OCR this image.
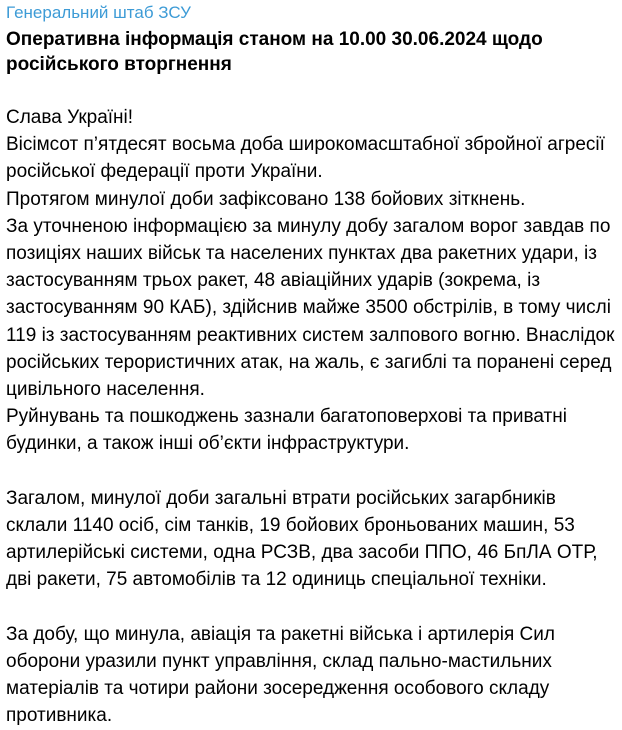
Генеральний штаб ЗСУ
Оперативна інформація станом на 10.00 30.06.2024 щодо російського вторгнення

Слава Україні!

Вісімсот п’ятдесят восьма доба широкомасштабної збройної агресії російської федерації проти України.

Протягом минулої доби зафіксовано 138 бойових зіткнень.

За уточненою інформацією за минулу добу загалом ворог завдав по позиціях наших військ та населених пунктах два ракетних удари, із застосуванням трьох ракет, 48 авіаційних ударів (зокрема, із застосуванням 90 КАБ), здійснив майже 3500 обстрілів, в тому числі 119 із застосуванням реактивних систем залпового вогню. Внаслідок російських терористичних атак, на жаль, є загиблі та поранені серед цивільного населення.

Руйнувань та пошкоджень зазнали багатоповерхові та приватні будинки, а також інші об’єкти інфраструктури.

Загалом, минулої доби загальні втрати російських загарбників склали 1140 осіб, сім танків, 19 бойових броньованих машин, 53 артилерійські системи, одна РСЗВ, два засоби ППО, 46 БпЛА ОТР, дві ракети, 75 автомобілів та 12 одиниць спеціальної техніки.

За добу, що минула, авіація та ракетні війська і артилерія Сил оборони уразили пункт управління, склад пально-мастильних матеріалів та чотири райони зосередження особового складу противника.
